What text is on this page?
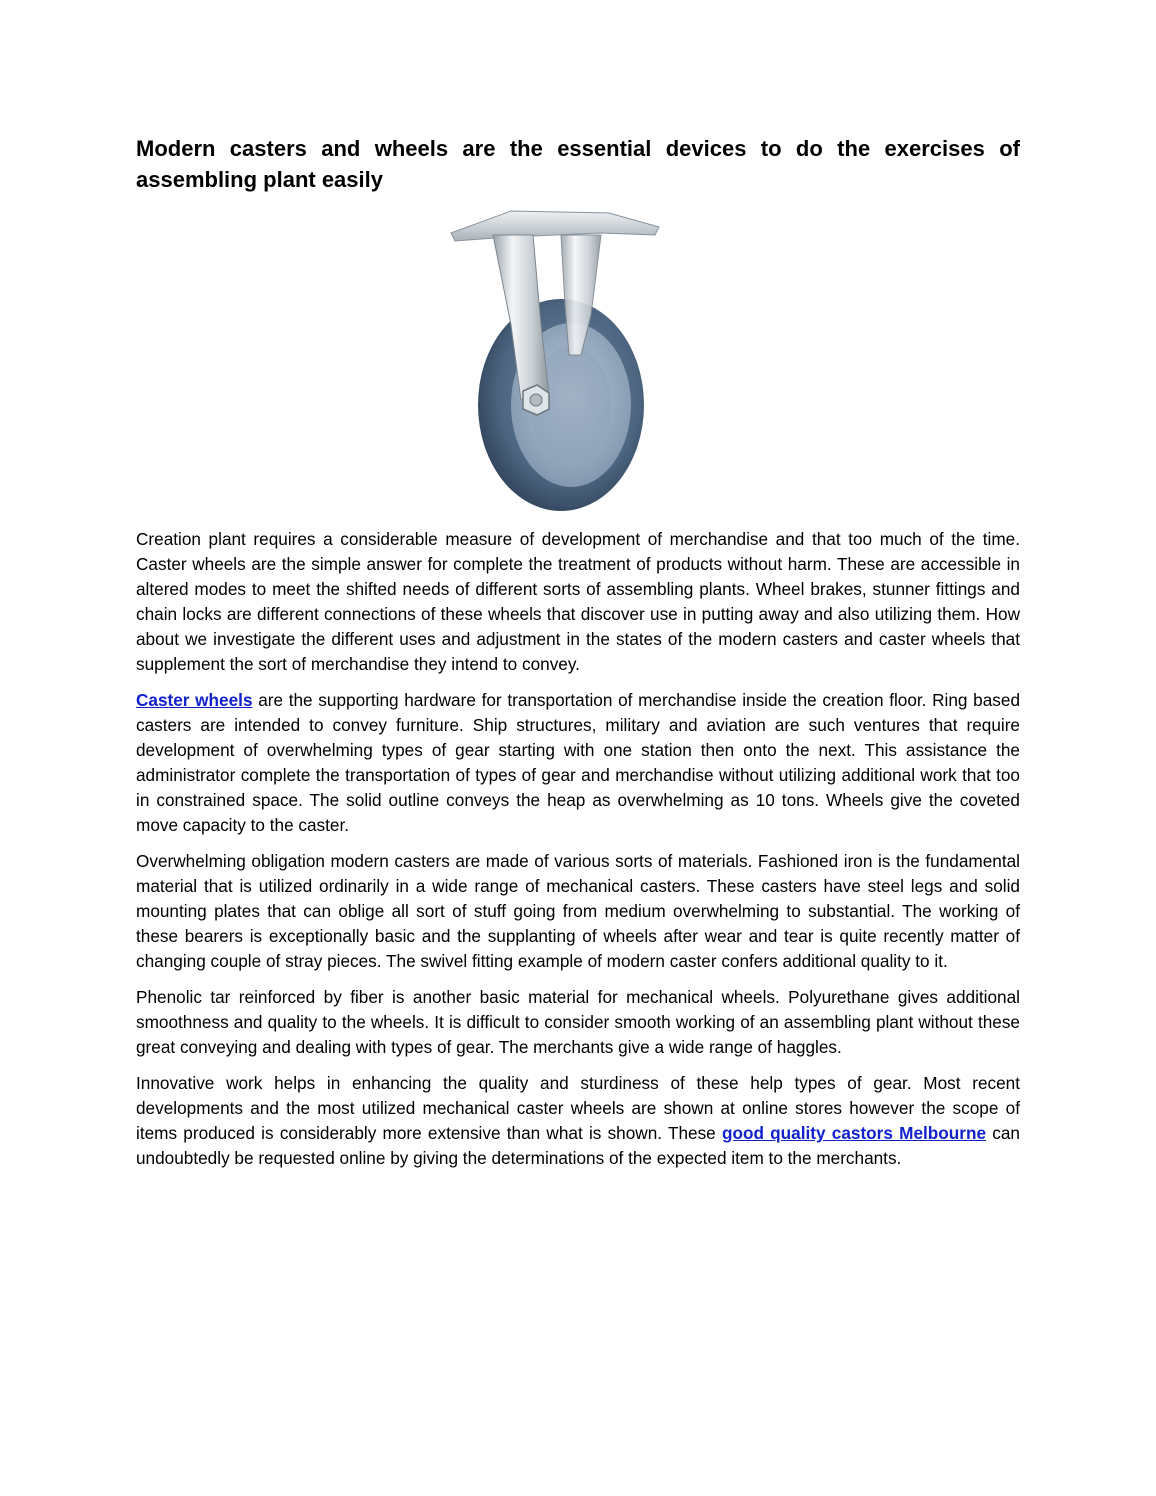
Modern casters and wheels are the essential devices to do the exercises of assembling plant easily

Creation plant requires a considerable measure of development of merchandise and that too much of the time. Caster wheels are the simple answer for complete the treatment of products without harm. These are accessible in altered modes to meet the shifted needs of different sorts of assembling plants. Wheel brakes, stunner fittings and chain locks are different connections of these wheels that discover use in putting away and also utilizing them. How about we investigate the different uses and adjustment in the states of the modern casters and caster wheels that supplement the sort of merchandise they intend to convey.

Caster wheels are the supporting hardware for transportation of merchandise inside the creation floor. Ring based casters are intended to convey furniture. Ship structures, military and aviation are such ventures that require development of overwhelming types of gear starting with one station then onto the next. This assistance the administrator complete the transportation of types of gear and merchandise without utilizing additional work that too in constrained space. The solid outline conveys the heap as overwhelming as 10 tons. Wheels give the coveted move capacity to the caster.

Overwhelming obligation modern casters are made of various sorts of materials. Fashioned iron is the fundamental material that is utilized ordinarily in a wide range of mechanical casters. These casters have steel legs and solid mounting plates that can oblige all sort of stuff going from medium overwhelming to substantial. The working of these bearers is exceptionally basic and the supplanting of wheels after wear and tear is quite recently matter of changing couple of stray pieces. The swivel fitting example of modern caster confers additional quality to it.

Phenolic tar reinforced by fiber is another basic material for mechanical wheels. Polyurethane gives additional smoothness and quality to the wheels. It is difficult to consider smooth working of an assembling plant without these great conveying and dealing with types of gear. The merchants give a wide range of haggles.

Innovative work helps in enhancing the quality and sturdiness of these help types of gear. Most recent developments and the most utilized mechanical caster wheels are shown at online stores however the scope of items produced is considerably more extensive than what is shown. These good quality castors Melbourne can undoubtedly be requested online by giving the determinations of the expected item to the merchants.
